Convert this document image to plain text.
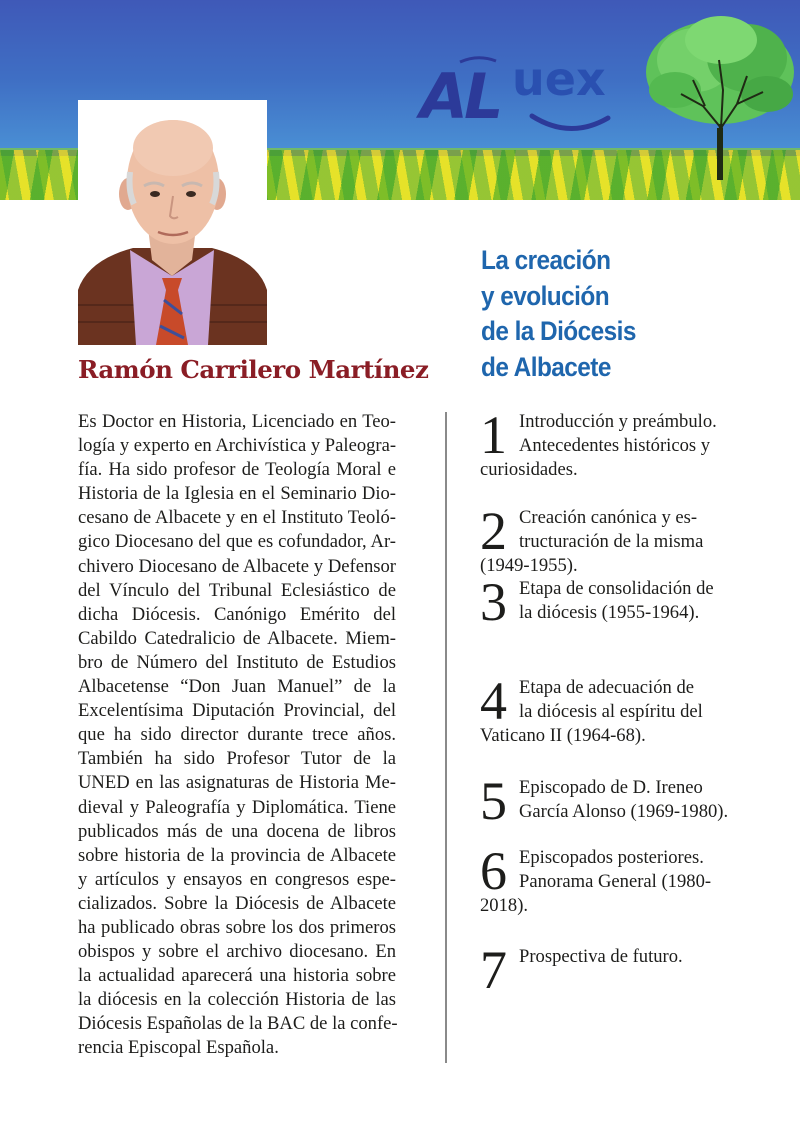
AL uex
Ramón Carrilero Martínez
Es Doctor en Historia, Licenciado en Teo-
logía y experto en Archivística y Paleogra-
fía. Ha sido profesor de Teología Moral e
Historia de la Iglesia en el Seminario Dio-
cesano de Albacete y en el Instituto Teoló-
gico Diocesano del que es cofundador, Ar-
chivero Diocesano de Albacete y Defensor
del Vínculo del Tribunal Eclesiástico de
dicha Diócesis. Canónigo Emérito del
Cabildo Catedralicio de Albacete. Miem-
bro de Número del Instituto de Estudios
Albacetense “Don Juan Manuel” de la
Excelentísima Diputación Provincial, del
que ha sido director durante trece años.
También ha sido Profesor Tutor de la
UNED en las asignaturas de Historia Me-
dieval y Paleografía y Diplomática. Tiene
publicados más de una docena de libros
sobre historia de la provincia de Albacete
y artículos y ensayos en congresos espe-
cializados. Sobre la Diócesis de Albacete
ha publicado obras sobre los dos primeros
obispos y sobre el archivo diocesano. En
la actualidad aparecerá una historia sobre
la diócesis en la colección Historia de las
Diócesis Españolas de la BAC de la confe-
rencia Episcopal Española.
La creación
y evolución
de la Diócesis
de Albacete
1 Introducción y preámbulo.
Antecedentes históricos y
curiosidades.
2 Creación canónica y es-
tructuración de la misma
(1949-1955).
3 Etapa de consolidación de
la diócesis (1955-1964).
4 Etapa de adecuación de
la diócesis al espíritu del
Vaticano II (1964-68).
5 Episcopado de D. Ireneo
García Alonso (1969-1980).
6 Episcopados posteriores.
Panorama General (1980-
2018).
7 Prospectiva de futuro.
